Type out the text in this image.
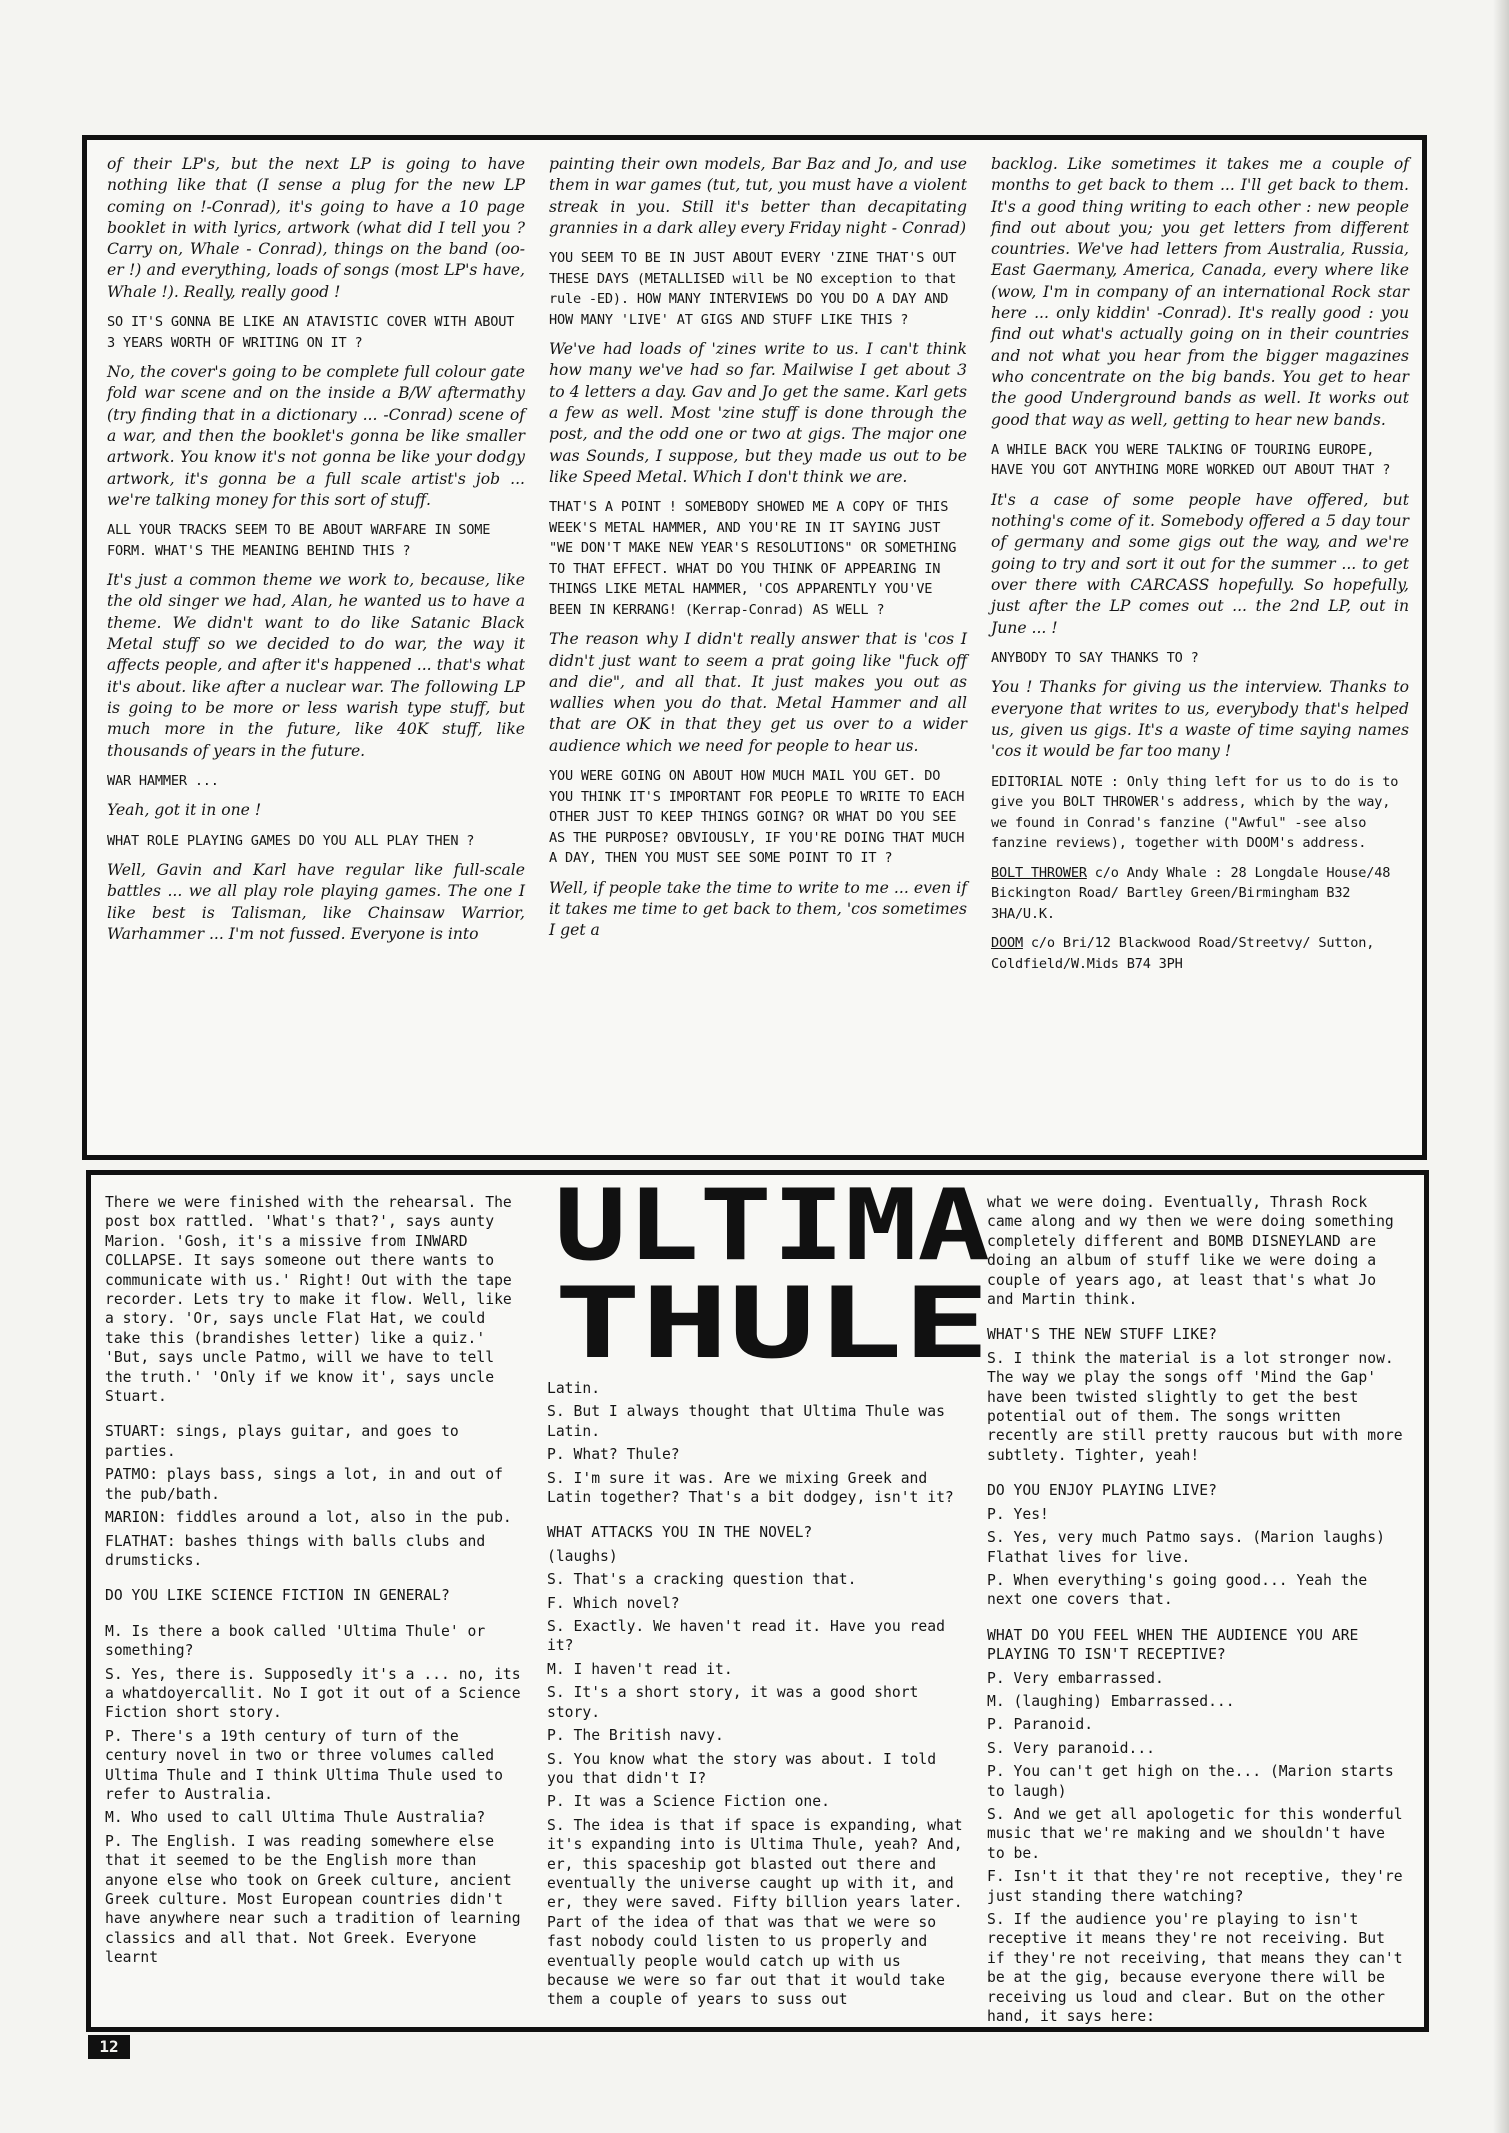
of their LP's, but the next LP is going to have nothing like that (I sense a plug for the new LP coming on !-Conrad), it's going to have a 10 page booklet in with lyrics, artwork (what did I tell you ? Carry on, Whale - Conrad), things on the band (oo-er !) and everything, loads of songs (most LP's have, Whale !). Really, really good !

SO IT'S GONNA BE LIKE AN ATAVISTIC COVER WITH ABOUT 3 YEARS WORTH OF WRITING ON IT ?

No, the cover's going to be complete full colour gate fold war scene and on the inside a B/W aftermathy (try finding that in a dictionary ... -Conrad) scene of a war, and then the booklet's gonna be like smaller artwork. You know it's not gonna be like your dodgy artwork, it's gonna be a full scale artist's job ... we're talking money for this sort of stuff.

ALL YOUR TRACKS SEEM TO BE ABOUT WARFARE IN SOME FORM. WHAT'S THE MEANING BEHIND THIS ?

It's just a common theme we work to, because, like the old singer we had, Alan, he wanted us to have a theme. We didn't want to do like Satanic Black Metal stuff so we decided to do war, the way it affects people, and after it's happened ... that's what it's about. like after a nuclear war. The following LP is going to be more or less warish type stuff, but much more in the future, like 40K stuff, like thousands of years in the future.

WAR HAMMER ...

Yeah, got it in one !

WHAT ROLE PLAYING GAMES DO YOU ALL PLAY THEN ?

Well, Gavin and Karl have regular like full-scale battles ... we all play role playing games. The one I like best is Talisman, like Chainsaw Warrior, Warhammer ... I'm not fussed. Everyone is into

painting their own models, Bar Baz and Jo, and use them in war games (tut, tut, you must have a violent streak in you. Still it's better than decapitating grannies in a dark alley every Friday night - Conrad)

YOU SEEM TO BE IN JUST ABOUT EVERY 'ZINE THAT'S OUT THESE DAYS (METALLISED will be NO exception to that rule -ED). HOW MANY INTERVIEWS DO YOU DO A DAY AND HOW MANY 'LIVE' AT GIGS AND STUFF LIKE THIS ?

We've had loads of 'zines write to us. I can't think how many we've had so far. Mailwise I get about 3 to 4 letters a day. Gav and Jo get the same. Karl gets a few as well. Most 'zine stuff is done through the post, and the odd one or two at gigs. The major one was Sounds, I suppose, but they made us out to be like Speed Metal. Which I don't think we are.

THAT'S A POINT ! SOMEBODY SHOWED ME A COPY OF THIS WEEK'S METAL HAMMER, AND YOU'RE IN IT SAYING JUST "WE DON'T MAKE NEW YEAR'S RESOLUTIONS" OR SOMETHING TO THAT EFFECT. WHAT DO YOU THINK OF APPEARING IN THINGS LIKE METAL HAMMER, 'COS APPARENTLY YOU'VE BEEN IN KERRANG! (Kerrap-Conrad) AS WELL ?

The reason why I didn't really answer that is 'cos I didn't just want to seem a prat going like "fuck off and die", and all that. It just makes you out as wallies when you do that. Metal Hammer and all that are OK in that they get us over to a wider audience which we need for people to hear us.

YOU WERE GOING ON ABOUT HOW MUCH MAIL YOU GET. DO YOU THINK IT'S IMPORTANT FOR PEOPLE TO WRITE TO EACH OTHER JUST TO KEEP THINGS GOING? OR WHAT DO YOU SEE AS THE PURPOSE? OBVIOUSLY, IF YOU'RE DOING THAT MUCH A DAY, THEN YOU MUST SEE SOME POINT TO IT ?

Well, if people take the time to write to me ... even if it takes me time to get back to them, 'cos sometimes I get a

backlog. Like sometimes it takes me a couple of months to get back to them ... I'll get back to them. It's a good thing writing to each other : new people find out about you; you get letters from different countries. We've had letters from Australia, Russia, East Gaermany, America, Canada, every where like (wow, I'm in company of an international Rock star here ... only kiddin' -Conrad). It's really good : you find out what's actually going on in their countries and not what you hear from the bigger magazines who concentrate on the big bands. You get to hear the good Underground bands as well. It works out good that way as well, getting to hear new bands.

A WHILE BACK YOU WERE TALKING OF TOURING EUROPE, HAVE YOU GOT ANYTHING MORE WORKED OUT ABOUT THAT ?

It's a case of some people have offered, but nothing's come of it. Somebody offered a 5 day tour of germany and some gigs out the way, and we're going to try and sort it out for the summer ... to get over there with CARCASS hopefully. So hopefully, just after the LP comes out ... the 2nd LP, out in June ... !

ANYBODY TO SAY THANKS TO ?

You ! Thanks for giving us the interview. Thanks to everyone that writes to us, everybody that's helped us, given us gigs. It's a waste of time saying names 'cos it would be far too many !

EDITORIAL NOTE : Only thing left for us to do is to give you BOLT THROWER's address, which by the way, we found in Conrad's fanzine ("Awful" -see also fanzine reviews), together with DOOM's address.

BOLT THROWER c/o Andy Whale : 28 Longdale House/48 Bickington Road/ Bartley Green/Birmingham B32 3HA/U.K.

DOOM c/o Bri/12 Blackwood Road/Streetvy/ Sutton, Coldfield/W.Mids B74 3PH

There we were finished with the rehearsal. The post box rattled. 'What's that?', says aunty Marion. 'Gosh, it's a missive from INWARD COLLAPSE. It says someone out there wants to communicate with us.' Right! Out with the tape recorder. Lets try to make it flow. Well, like a story. 'Or, says uncle Flat Hat, we could take this (brandishes letter) like a quiz.' 'But, says uncle Patmo, will we have to tell the truth.' 'Only if we know it', says uncle Stuart.

STUART: sings, plays guitar, and goes to parties.

PATMO: plays bass, sings a lot, in and out of the pub/bath.

MARION: fiddles around a lot, also in the pub.

FLATHAT: bashes things with balls clubs and drumsticks.

DO YOU LIKE SCIENCE FICTION IN GENERAL?

M. Is there a book called 'Ultima Thule' or something?

S. Yes, there is. Supposedly it's a ... no, its a whatdoyercallit. No I got it out of a Science Fiction short story.

P. There's a 19th century of turn of the century novel in two or three volumes called Ultima Thule and I think Ultima Thule used to refer to Australia.

M. Who used to call Ultima Thule Australia?

P. The English. I was reading somewhere else that it seemed to be the English more than anyone else who took on Greek culture, ancient Greek culture. Most European countries didn't have anywhere near such a tradition of learning classics and all that. Not Greek. Everyone learnt

ULTIMA
THULE

Latin.

S. But I always thought that Ultima Thule was Latin.

P. What? Thule?

S. I'm sure it was. Are we mixing Greek and Latin together? That's a bit dodgey, isn't it?

WHAT ATTACKS YOU IN THE NOVEL?

(laughs)

S. That's a cracking question that.

F. Which novel?

S. Exactly. We haven't read it. Have you read it?

M. I haven't read it.

S. It's a short story, it was a good short story.

P. The British navy.

S. You know what the story was about. I told you that didn't I?

P. It was a Science Fiction one.

S. The idea is that if space is expanding, what it's expanding into is Ultima Thule, yeah? And, er, this spaceship got blasted out there and eventually the universe caught up with it, and er, they were saved. Fifty billion years later. Part of the idea of that was that we were so fast nobody could listen to us properly and eventually people would catch up with us because we were so far out that it would take them a couple of years to suss out

what we were doing. Eventually, Thrash Rock came along and wy then we were doing something completely different and BOMB DISNEYLAND are doing an album of stuff like we were doing a couple of years ago, at least that's what Jo and Martin think.

WHAT'S THE NEW STUFF LIKE?

S. I think the material is a lot stronger now. The way we play the songs off 'Mind the Gap' have been twisted slightly to get the best potential out of them. The songs written recently are still pretty raucous but with more subtlety. Tighter, yeah!

DO YOU ENJOY PLAYING LIVE?

P. Yes!

S. Yes, very much Patmo says. (Marion laughs) Flathat lives for live.

P. When everything's going good... Yeah the next one covers that.

WHAT DO YOU FEEL WHEN THE AUDIENCE YOU ARE PLAYING TO ISN'T RECEPTIVE?

P. Very embarrassed.

M. (laughing) Embarrassed...

P. Paranoid.

S. Very paranoid...

P. You can't get high on the... (Marion starts to laugh)

S. And we get all apologetic for this wonderful music that we're making and we shouldn't have to be.

F. Isn't it that they're not receptive, they're just standing there watching?

S. If the audience you're playing to isn't receptive it means they're not receiving. But if they're not receiving, that means they can't be at the gig, because everyone there will be receiving us loud and clear. But on the other hand, it says here:

12
